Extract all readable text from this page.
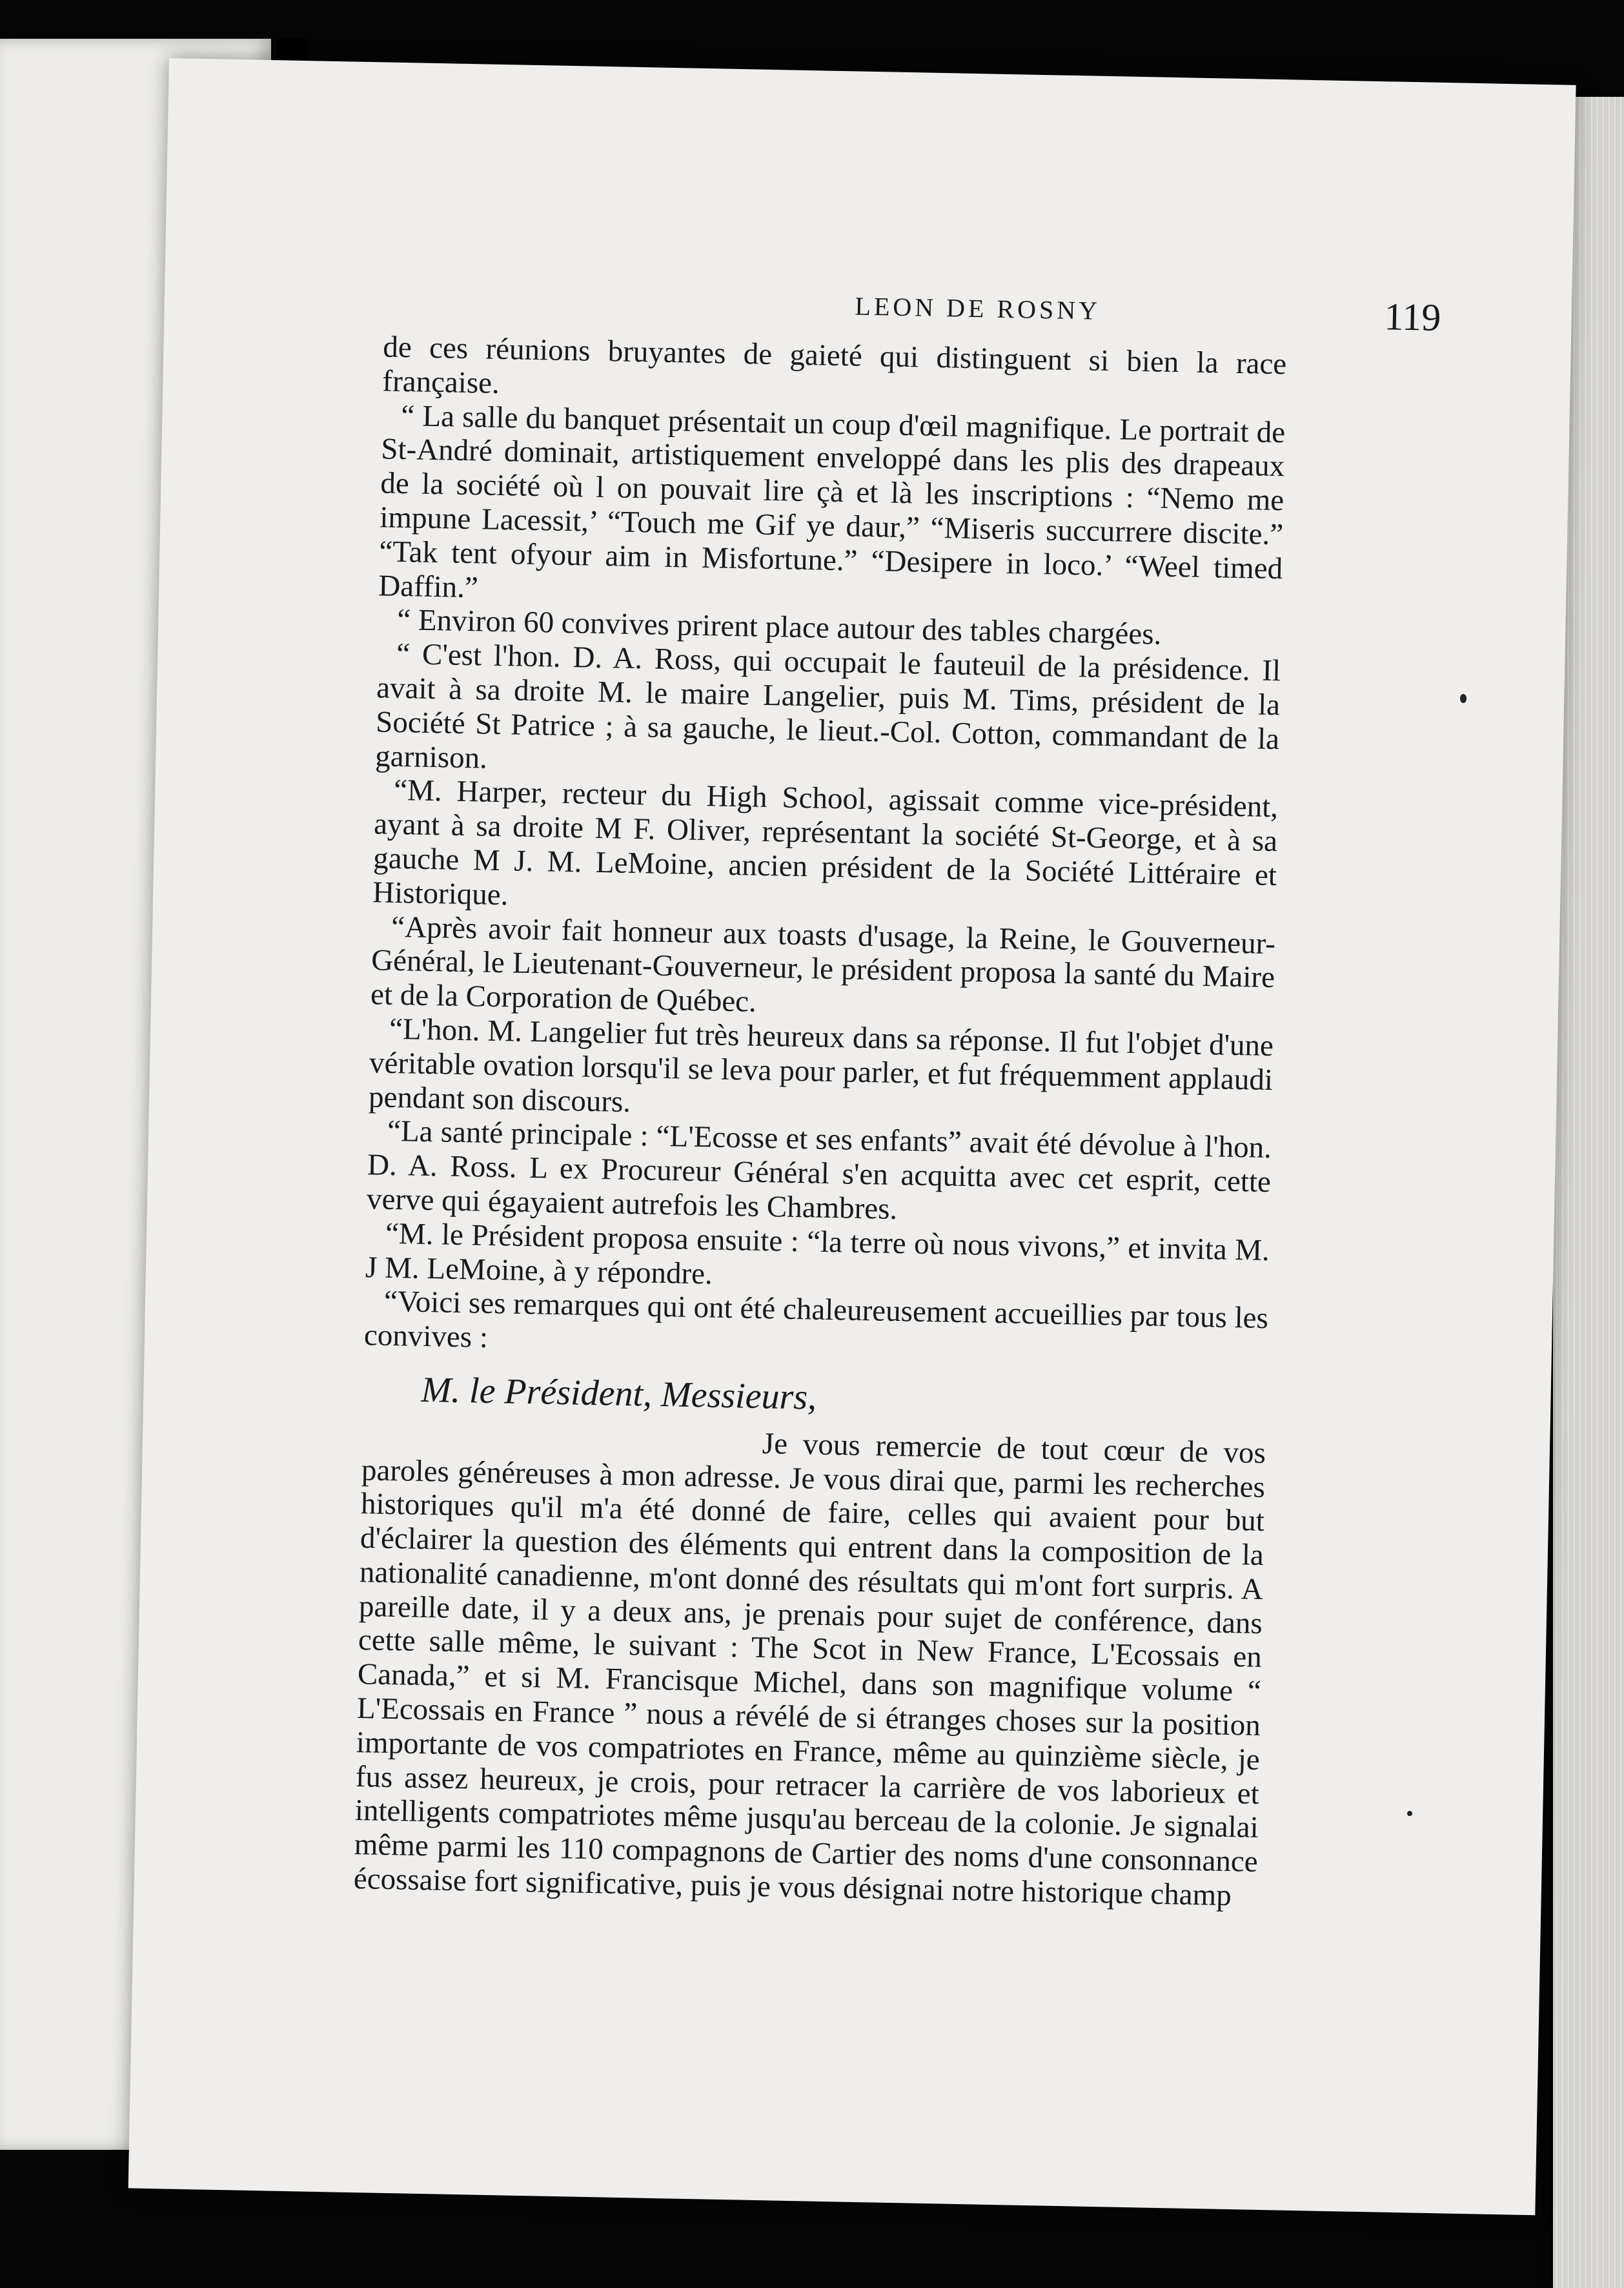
LEON DE ROSNY	119

de ces réunions bruyantes de gaieté qui distinguent si bien la race française.

“ La salle du banquet présentait un coup d'œil magnifique. Le portrait de St-André dominait, artistiquement enveloppé dans les plis des drapeaux de la société où l on pouvait lire çà et là les inscriptions : “Nemo me impune Lacessit,’ “Touch me Gif ye daur,” “Miseris succurrere discite.” “Tak tent ofyour aim in Misfortune.” “Desipere in loco.’ “Weel timed Daffin.”

“ Environ 60 convives prirent place autour des tables chargées.

“ C'est l'hon. D. A. Ross, qui occupait le fauteuil de la présidence. Il avait à sa droite M. le maire Langelier, puis M. Tims, président de la Société St Patrice ; à sa gauche, le lieut.-Col. Cotton, commandant de la garnison.

“M. Harper, recteur du High School, agissait comme vice-président, ayant à sa droite M F. Oliver, représentant la société St-George, et à sa gauche M J. M. LeMoine, ancien président de la Société Littéraire et Historique.

“Après avoir fait honneur aux toasts d'usage, la Reine, le Gouverneur-Général, le Lieutenant-Gouverneur, le président proposa la santé du Maire et de la Corporation de Québec.

“L'hon. M. Langelier fut très heureux dans sa réponse. Il fut l'objet d'une véritable ovation lorsqu'il se leva pour parler, et fut fréquemment applaudi pendant son discours.

“La santé principale : “L'Ecosse et ses enfants” avait été dévolue à l'hon. D. A. Ross. L ex Procureur Général s'en acquitta avec cet esprit, cette verve qui égayaient autrefois les Chambres.

“M. le Président proposa ensuite : “la terre où nous vivons,” et invita M. J M. LeMoine, à y répondre.

“Voici ses remarques qui ont été chaleureusement accueillies par tous les convives :

M. le Président, Messieurs,

Je vous remercie de tout cœur de vos paroles généreuses à mon adresse. Je vous dirai que, parmi les recherches historiques qu'il m'a été donné de faire, celles qui avaient pour but d'éclairer la question des éléments qui entrent dans la composition de la nationalité canadienne, m'ont donné des résultats qui m'ont fort surpris. A pareille date, il y a deux ans, je prenais pour sujet de conférence, dans cette salle même, le suivant : The Scot in New France, L'Ecossais en Canada,” et si M. Francisque Michel, dans son magnifique volume “ L'Ecossais en France ” nous a révélé de si étranges choses sur la position importante de vos compatriotes en France, même au quinzième siècle, je fus assez heureux, je crois, pour retracer la carrière de vos laborieux et intelligents compatriotes même jusqu'au berceau de la colonie. Je signalai même parmi les 110 compagnons de Cartier des noms d'une consonnance écossaise fort significative, puis je vous désignai notre historique champ
